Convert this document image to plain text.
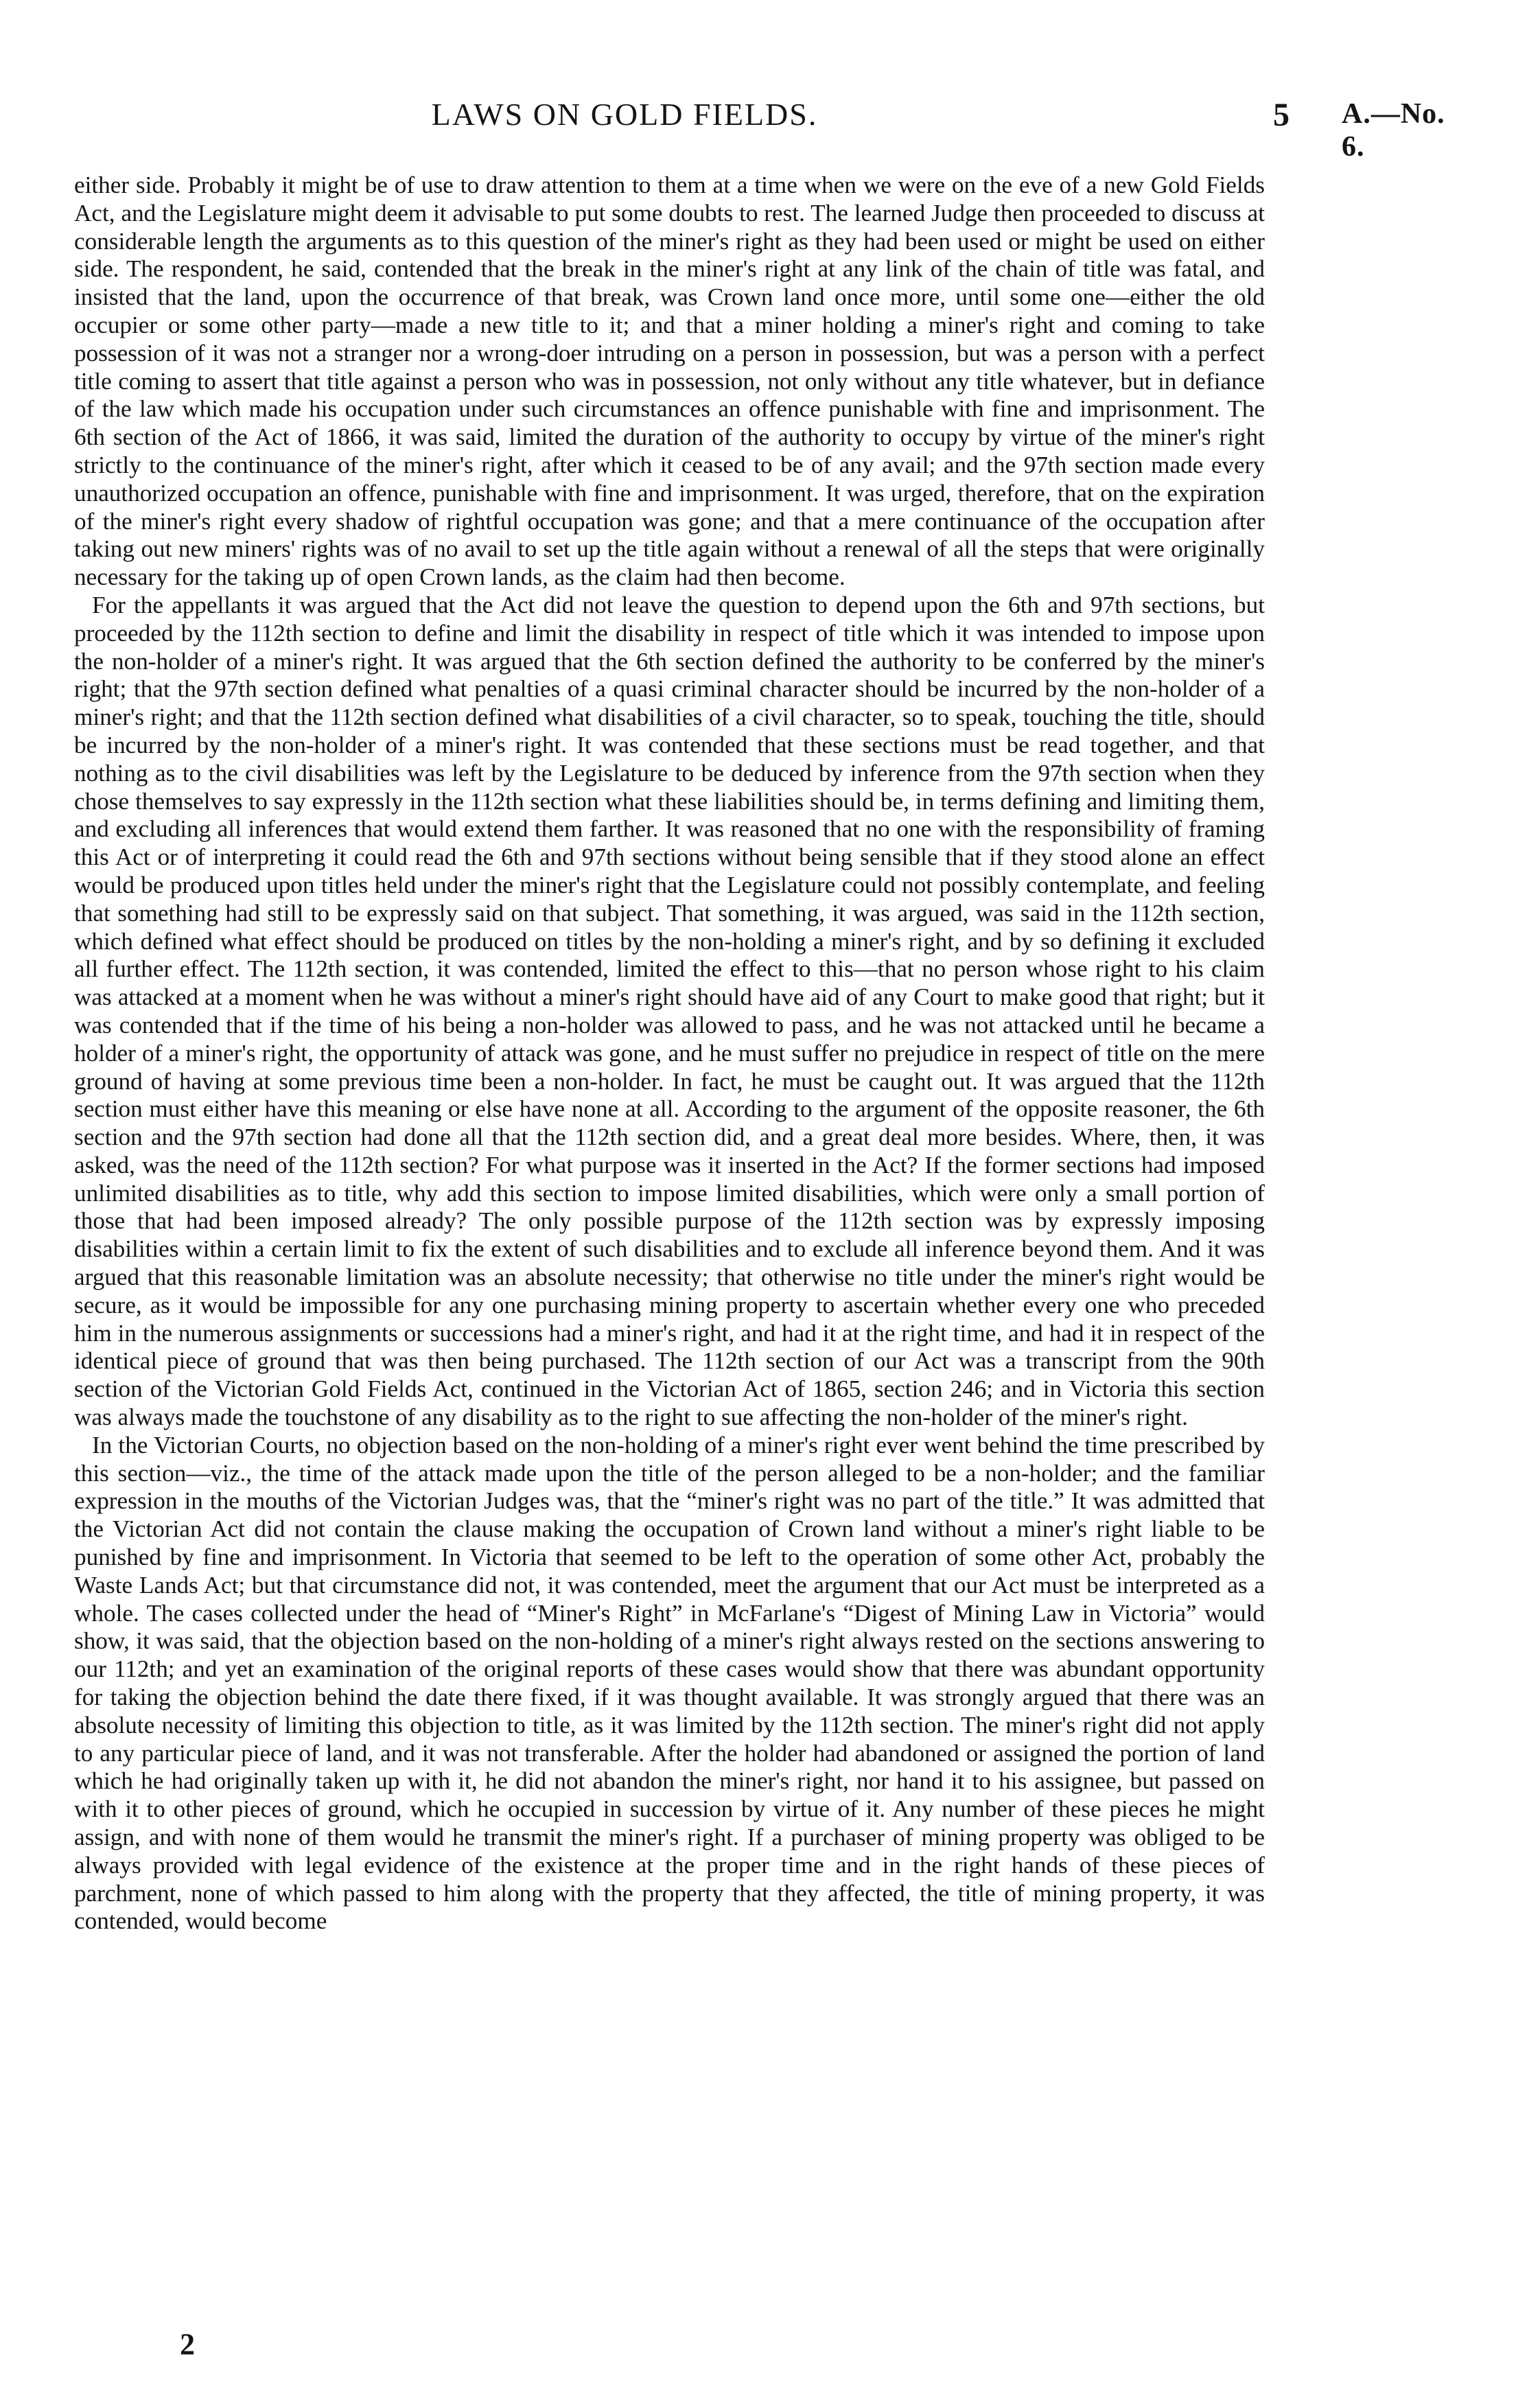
LAWS ON GOLD FIELDS.	5 A.—No. 6.

either side. Probably it might be of use to draw attention to them at a time when we were on the eve of a new Gold Fields Act, and the Legislature might deem it advisable to put some doubts to rest. The learned Judge then proceeded to discuss at considerable length the arguments as to this question of the miner's right as they had been used or might be used on either side. The respondent, he said, contended that the break in the miner's right at any link of the chain of title was fatal, and insisted that the land, upon the occurrence of that break, was Crown land once more, until some one—either the old occupier or some other party—made a new title to it; and that a miner holding a miner's right and coming to take possession of it was not a stranger nor a wrong-doer intruding on a person in possession, but was a person with a perfect title coming to assert that title against a person who was in possession, not only without any title whatever, but in defiance of the law which made his occupation under such circumstances an offence punishable with fine and imprisonment. The 6th section of the Act of 1866, it was said, limited the duration of the authority to occupy by virtue of the miner's right strictly to the continuance of the miner's right, after which it ceased to be of any avail; and the 97th section made every unauthorized occupation an offence, punishable with fine and imprisonment. It was urged, therefore, that on the expiration of the miner's right every shadow of rightful occupation was gone; and that a mere continuance of the occupation after taking out new miners' rights was of no avail to set up the title again without a renewal of all the steps that were originally necessary for the taking up of open Crown lands, as the claim had then become.

For the appellants it was argued that the Act did not leave the question to depend upon the 6th and 97th sections, but proceeded by the 112th section to define and limit the disability in respect of title which it was intended to impose upon the non-holder of a miner's right. It was argued that the 6th section defined the authority to be conferred by the miner's right; that the 97th section defined what penalties of a quasi criminal character should be incurred by the non-holder of a miner's right; and that the 112th section defined what disabilities of a civil character, so to speak, touching the title, should be incurred by the non-holder of a miner's right. It was contended that these sections must be read together, and that nothing as to the civil disabilities was left by the Legislature to be deduced by inference from the 97th section when they chose themselves to say expressly in the 112th section what these liabilities should be, in terms defining and limiting them, and excluding all inferences that would extend them farther. It was reasoned that no one with the responsibility of framing this Act or of interpreting it could read the 6th and 97th sections without being sensible that if they stood alone an effect would be produced upon titles held under the miner's right that the Legislature could not possibly contemplate, and feeling that something had still to be expressly said on that subject. That something, it was argued, was said in the 112th section, which defined what effect should be produced on titles by the non-holding a miner's right, and by so defining it excluded all further effect. The 112th section, it was contended, limited the effect to this—that no person whose right to his claim was attacked at a moment when he was without a miner's right should have aid of any Court to make good that right; but it was contended that if the time of his being a non-holder was allowed to pass, and he was not attacked until he became a holder of a miner's right, the opportunity of attack was gone, and he must suffer no prejudice in respect of title on the mere ground of having at some previous time been a non-holder. In fact, he must be caught out. It was argued that the 112th section must either have this meaning or else have none at all. According to the argument of the opposite reasoner, the 6th section and the 97th section had done all that the 112th section did, and a great deal more besides. Where, then, it was asked, was the need of the 112th section? For what purpose was it inserted in the Act? If the former sections had imposed unlimited disabilities as to title, why add this section to impose limited disabilities, which were only a small portion of those that had been imposed already? The only possible purpose of the 112th section was by expressly imposing disabilities within a certain limit to fix the extent of such disabilities and to exclude all inference beyond them. And it was argued that this reasonable limitation was an absolute necessity; that otherwise no title under the miner's right would be secure, as it would be impossible for any one purchasing mining property to ascertain whether every one who preceded him in the numerous assignments or successions had a miner's right, and had it at the right time, and had it in respect of the identical piece of ground that was then being purchased. The 112th section of our Act was a transcript from the 90th section of the Victorian Gold Fields Act, continued in the Victorian Act of 1865, section 246; and in Victoria this section was always made the touchstone of any disability as to the right to sue affecting the non-holder of the miner's right.

In the Victorian Courts, no objection based on the non-holding of a miner's right ever went behind the time prescribed by this section—viz., the time of the attack made upon the title of the person alleged to be a non-holder; and the familiar expression in the mouths of the Victorian Judges was, that the “miner's right was no part of the title.” It was admitted that the Victorian Act did not contain the clause making the occupation of Crown land without a miner's right liable to be punished by fine and imprisonment. In Victoria that seemed to be left to the operation of some other Act, probably the Waste Lands Act; but that circumstance did not, it was contended, meet the argument that our Act must be interpreted as a whole. The cases collected under the head of “Miner's Right” in McFarlane's “Digest of Mining Law in Victoria” would show, it was said, that the objection based on the non-holding of a miner's right always rested on the sections answering to our 112th; and yet an examination of the original reports of these cases would show that there was abundant opportunity for taking the objection behind the date there fixed, if it was thought available. It was strongly argued that there was an absolute necessity of limiting this objection to title, as it was limited by the 112th section. The miner's right did not apply to any particular piece of land, and it was not transferable. After the holder had abandoned or assigned the portion of land which he had originally taken up with it, he did not abandon the miner's right, nor hand it to his assignee, but passed on with it to other pieces of ground, which he occupied in succession by virtue of it. Any number of these pieces he might assign, and with none of them would he transmit the miner's right. If a purchaser of mining property was obliged to be always provided with legal evidence of the existence at the proper time and in the right hands of these pieces of parchment, none of which passed to him along with the property that they affected, the title of mining property, it was contended, would become

2
